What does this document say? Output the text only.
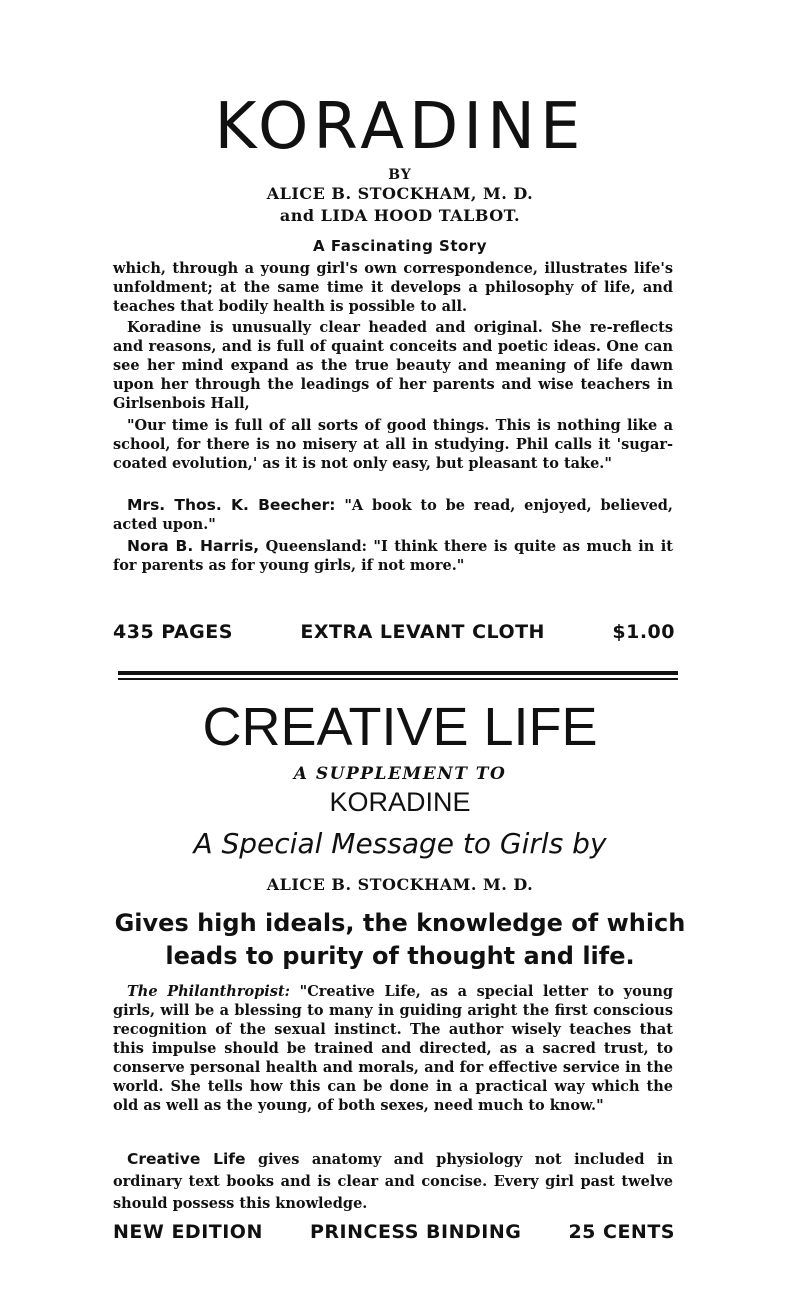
KORADINE
BY
ALICE B. STOCKHAM, M. D.
and LIDA HOOD TALBOT.
A Fascinating Story
which, through a young girl's own correspondence, illustrates life's unfoldment; at the same time it develops a philosophy of life, and teaches that bodily health is possible to all.
Koradine is unusually clear headed and original. She re-reflects and reasons, and is full of quaint conceits and poetic ideas. One can see her mind expand as the true beauty and meaning of life dawn upon her through the leadings of her parents and wise teachers in Girlsenbois Hall,
"Our time is full of all sorts of good things. This is nothing like a school, for there is no misery at all in studying. Phil calls it 'sugar-coated evolution,' as it is not only easy, but pleasant to take."
Mrs. Thos. K. Beecher: "A book to be read, enjoyed, believed, acted upon."
Nora B. Harris, Queensland: "I think there is quite as much in it for parents as for young girls, if not more."
435 PAGES	EXTRA LEVANT CLOTH	$1.00
CREATIVE LIFE
A SUPPLEMENT TO
KORADINE
A Special Message to Girls by
ALICE B. STOCKHAM. M. D.
Gives high ideals, the knowledge of which leads to purity of thought and life.
The Philanthropist: "Creative Life, as a special letter to young girls, will be a blessing to many in guiding aright the first conscious recognition of the sexual instinct. The author wisely teaches that this impulse should be trained and directed, as a sacred trust, to conserve personal health and morals, and for effective service in the world. She tells how this can be done in a practical way which the old as well as the young, of both sexes, need much to know."
Creative Life gives anatomy and physiology not included in ordinary text books and is clear and concise. Every girl past twelve should possess this knowledge.
NEW EDITION PRINCESS BINDING 25 CENTS
